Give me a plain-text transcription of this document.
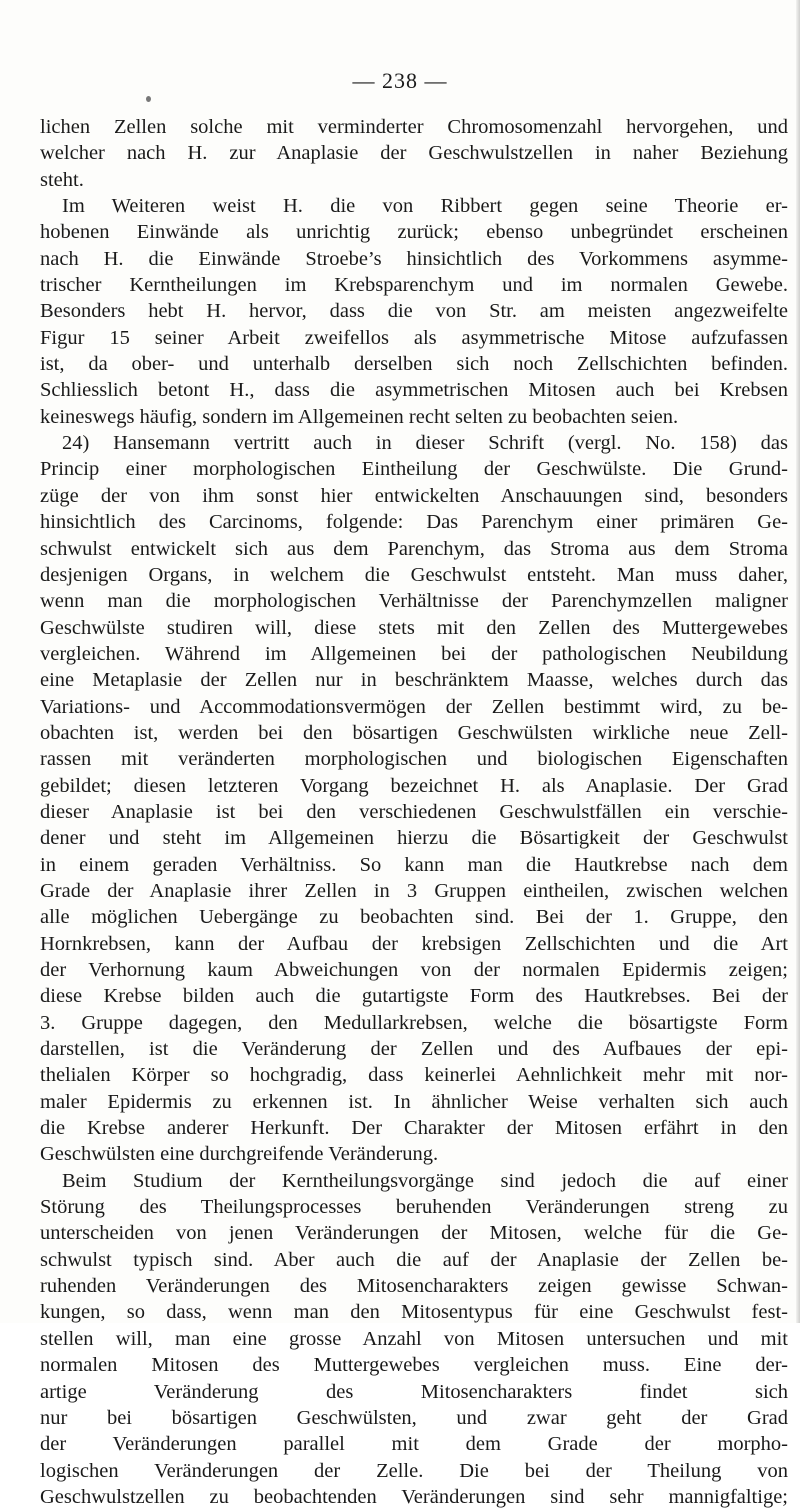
— 238 —
lichen Zellen solche mit verminderter Chromosomenzahl hervorgehen, und
welcher nach H. zur Anaplasie der Geschwulstzellen in naher Beziehung
steht.
Im Weiteren weist H. die von Ribbert gegen seine Theorie er-
hobenen Einwände als unrichtig zurück; ebenso unbegründet erscheinen
nach H. die Einwände Stroebe’s hinsichtlich des Vorkommens asymme-
trischer Kerntheilungen im Krebsparenchym und im normalen Gewebe.
Besonders hebt H. hervor, dass die von Str. am meisten angezweifelte
Figur 15 seiner Arbeit zweifellos als asymmetrische Mitose aufzufassen
ist, da ober- und unterhalb derselben sich noch Zellschichten befinden.
Schliesslich betont H., dass die asymmetrischen Mitosen auch bei Krebsen
keineswegs häufig, sondern im Allgemeinen recht selten zu beobachten seien.
24) Hansemann vertritt auch in dieser Schrift (vergl. No. 158) das
Princip einer morphologischen Eintheilung der Geschwülste. Die Grund-
züge der von ihm sonst hier entwickelten Anschauungen sind, besonders
hinsichtlich des Carcinoms, folgende: Das Parenchym einer primären Ge-
schwulst entwickelt sich aus dem Parenchym, das Stroma aus dem Stroma
desjenigen Organs, in welchem die Geschwulst entsteht. Man muss daher,
wenn man die morphologischen Verhältnisse der Parenchymzellen maligner
Geschwülste studiren will, diese stets mit den Zellen des Muttergewebes
vergleichen. Während im Allgemeinen bei der pathologischen Neubildung
eine Metaplasie der Zellen nur in beschränktem Maasse, welches durch das
Variations- und Accommodationsvermögen der Zellen bestimmt wird, zu be-
obachten ist, werden bei den bösartigen Geschwülsten wirkliche neue Zell-
rassen mit veränderten morphologischen und biologischen Eigenschaften
gebildet; diesen letzteren Vorgang bezeichnet H. als Anaplasie. Der Grad
dieser Anaplasie ist bei den verschiedenen Geschwulstfällen ein verschie-
dener und steht im Allgemeinen hierzu die Bösartigkeit der Geschwulst
in einem geraden Verhältniss. So kann man die Hautkrebse nach dem
Grade der Anaplasie ihrer Zellen in 3 Gruppen eintheilen, zwischen welchen
alle möglichen Uebergänge zu beobachten sind. Bei der 1. Gruppe, den
Hornkrebsen, kann der Aufbau der krebsigen Zellschichten und die Art
der Verhornung kaum Abweichungen von der normalen Epidermis zeigen;
diese Krebse bilden auch die gutartigste Form des Hautkrebses. Bei der
3. Gruppe dagegen, den Medullarkrebsen, welche die bösartigste Form
darstellen, ist die Veränderung der Zellen und des Aufbaues der epi-
thelialen Körper so hochgradig, dass keinerlei Aehnlichkeit mehr mit nor-
maler Epidermis zu erkennen ist. In ähnlicher Weise verhalten sich auch
die Krebse anderer Herkunft. Der Charakter der Mitosen erfährt in den
Geschwülsten eine durchgreifende Veränderung.
Beim Studium der Kerntheilungsvorgänge sind jedoch die auf einer
Störung des Theilungsprocesses beruhenden Veränderungen streng zu
unterscheiden von jenen Veränderungen der Mitosen, welche für die Ge-
schwulst typisch sind. Aber auch die auf der Anaplasie der Zellen be-
ruhenden Veränderungen des Mitosencharakters zeigen gewisse Schwan-
kungen, so dass, wenn man den Mitosentypus für eine Geschwulst fest-
stellen will, man eine grosse Anzahl von Mitosen untersuchen und mit
normalen Mitosen des Muttergewebes vergleichen muss. Eine der-
artige Veränderung des Mitosencharakters findet sich
nur bei bösartigen Geschwülsten, und zwar geht der Grad
der Veränderungen parallel mit dem Grade der morpho-
logischen Veränderungen der Zelle. Die bei der Theilung von
Geschwulstzellen zu beobachtenden Veränderungen sind sehr mannigfaltige;
